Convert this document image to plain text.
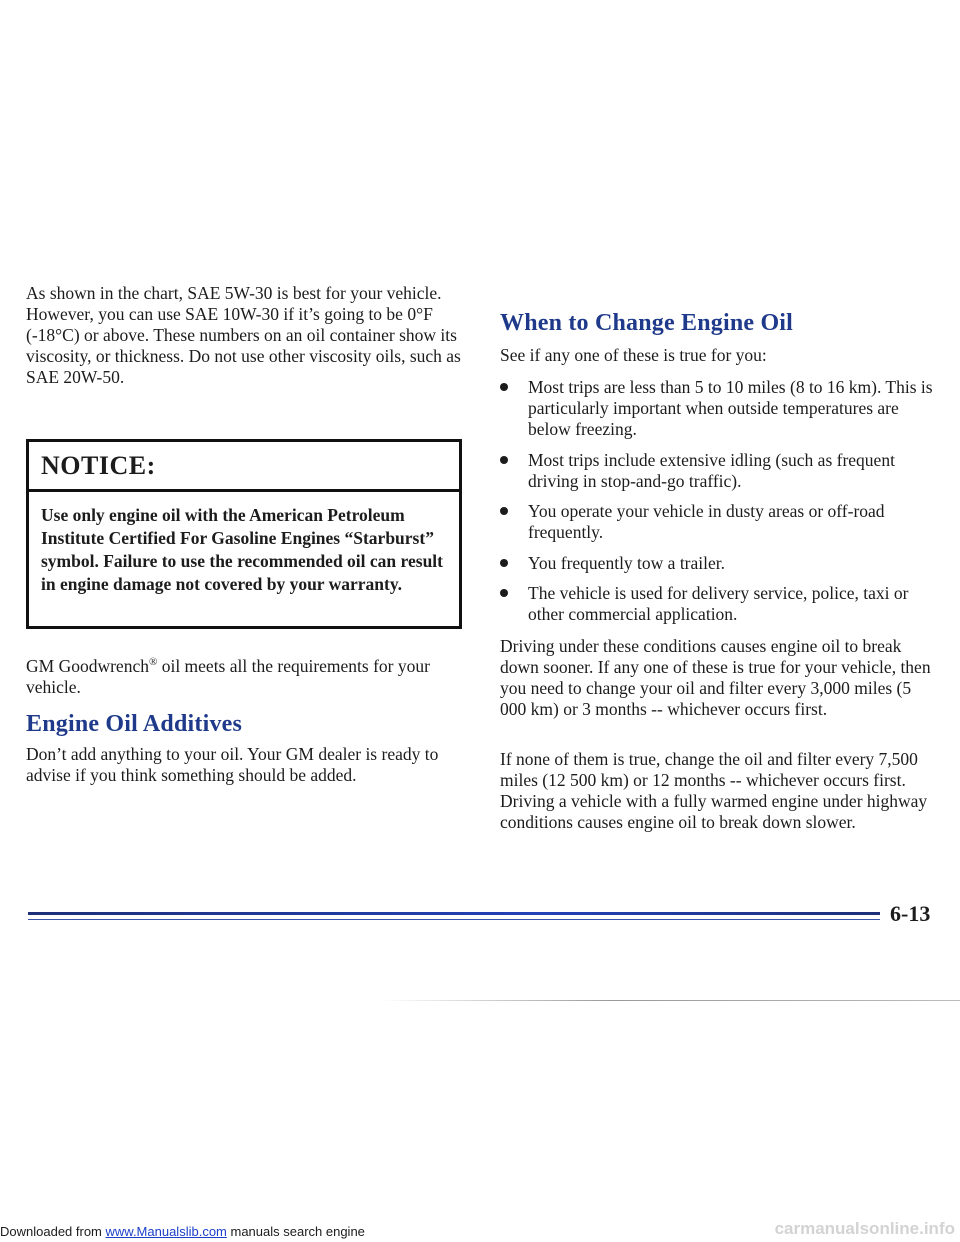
As shown in the chart, SAE 5W-30 is best for your vehicle. However, you can use SAE 10W-30 if it’s going to be 0°F (-18°C) or above. These numbers on an oil container show its viscosity, or thickness. Do not use other viscosity oils, such as SAE 20W-50.

NOTICE:

Use only engine oil with the American Petroleum Institute Certified For Gasoline Engines “Starburst” symbol. Failure to use the recommended oil can result in engine damage not covered by your warranty.

GM Goodwrench® oil meets all the requirements for your vehicle.

Engine Oil Additives

Don’t add anything to your oil. Your GM dealer is ready to advise if you think something should be added.

When to Change Engine Oil

See if any one of these is true for you:

Most trips are less than 5 to 10 miles (8 to 16 km). This is particularly important when outside temperatures are below freezing.

Most trips include extensive idling (such as frequent driving in stop-and-go traffic).

You operate your vehicle in dusty areas or off-road frequently.

You frequently tow a trailer.

The vehicle is used for delivery service, police, taxi or other commercial application.

Driving under these conditions causes engine oil to break down sooner. If any one of these is true for your vehicle, then you need to change your oil and filter every 3,000 miles (5 000 km) or 3 months -- whichever occurs first.

If none of them is true, change the oil and filter every 7,500 miles (12 500 km) or 12 months -- whichever occurs first. Driving a vehicle with a fully warmed engine under highway conditions causes engine oil to break down slower.

6-13

Downloaded from www.Manualslib.com manuals search engine	carmanualsonline.info
